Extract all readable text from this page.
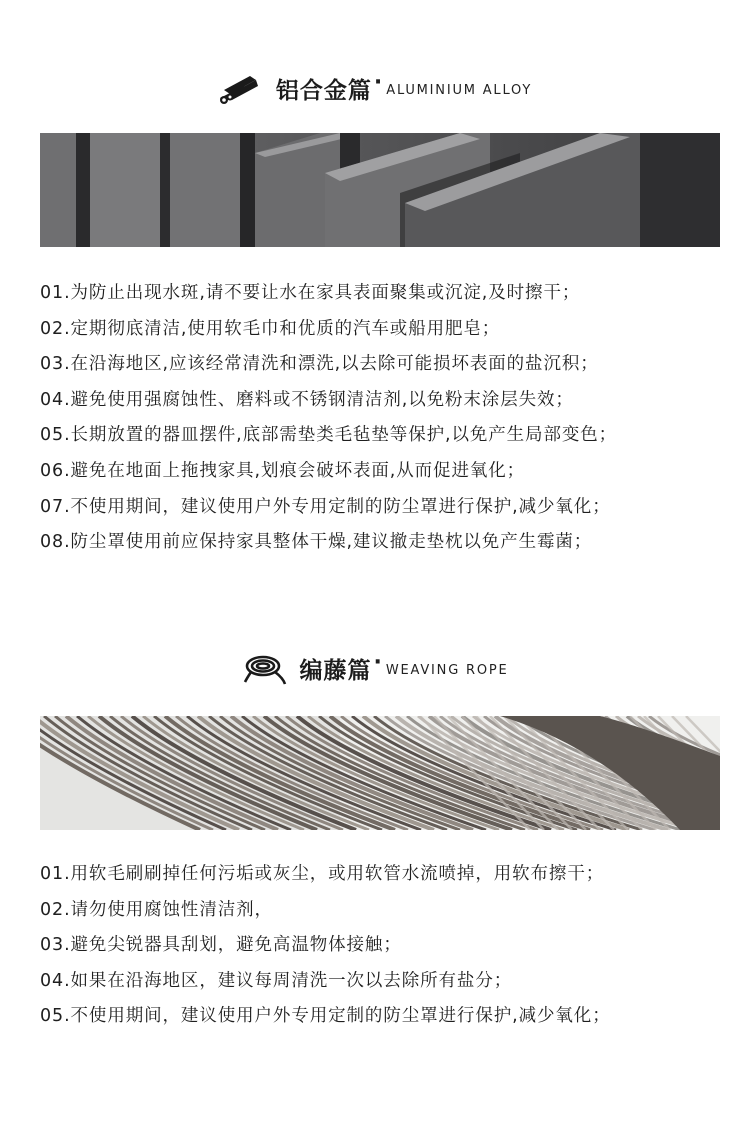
铝合金篇 · ALUMINIUM ALLOY
01.为防止出现水斑,请不要让水在家具表面聚集或沉淀,及时擦干；
02.定期彻底清洁,使用软毛巾和优质的汽车或船用肥皂；
03.在沿海地区,应该经常清洗和漂洗,以去除可能损坏表面的盐沉积；
04.避免使用强腐蚀性、磨料或不锈钢清洁剂,以免粉末涂层失效；
05.长期放置的器皿摆件,底部需垫类毛毡垫等保护,以免产生局部变色；
06.避免在地面上拖拽家具,划痕会破坏表面,从而促进氧化；
07.不使用期间，建议使用户外专用定制的防尘罩进行保护,减少氧化；
08.防尘罩使用前应保持家具整体干燥,建议撤走垫枕以免产生霉菌；
编藤篇 · WEAVING ROPE
01.用软毛刷刷掉任何污垢或灰尘，或用软管水流喷掉，用软布擦干；
02.请勿使用腐蚀性清洁剂，
03.避免尖锐器具刮划，避免高温物体接触；
04.如果在沿海地区，建议每周清洗一次以去除所有盐分；
05.不使用期间，建议使用户外专用定制的防尘罩进行保护,减少氧化；
